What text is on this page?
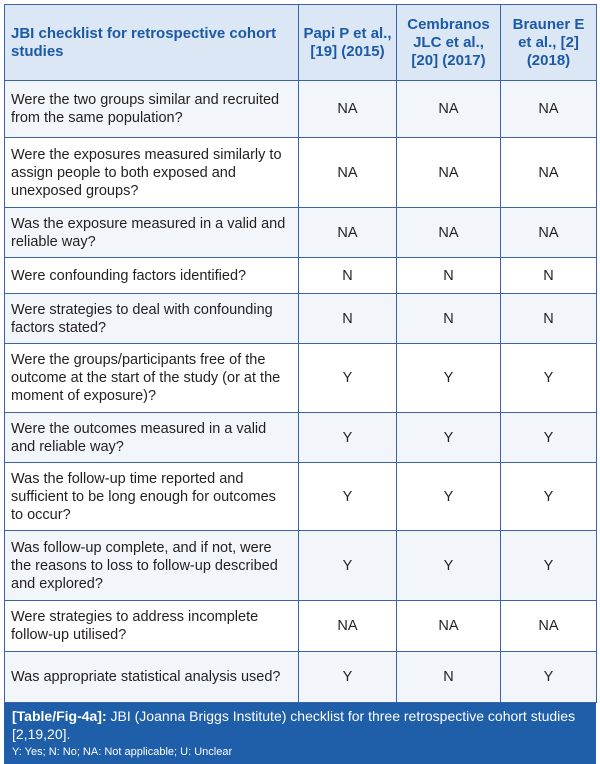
JBI checklist for retrospective cohort studies	Papi P et al., [19] (2015)	Cembranos JLC et al., [20] (2017)	Brauner E et al., [2] (2018)
Were the two groups similar and recruited from the same population?	NA	NA	NA
Were the exposures measured similarly to assign people to both exposed and unexposed groups?	NA	NA	NA
Was the exposure measured in a valid and reliable way?	NA	NA	NA
Were confounding factors identified?	N	N	N
Were strategies to deal with confounding factors stated?	N	N	N
Were the groups/participants free of the outcome at the start of the study (or at the moment of exposure)?	Y	Y	Y
Were the outcomes measured in a valid and reliable way?	Y	Y	Y
Was the follow-up time reported and sufficient to be long enough for outcomes to occur?	Y	Y	Y
Was follow-up complete, and if not, were the reasons to loss to follow-up described and explored?	Y	Y	Y
Were strategies to address incomplete follow-up utilised?	NA	NA	NA
Was appropriate statistical analysis used?	Y	N	Y
[Table/Fig-4a]: JBI (Joanna Briggs Institute) checklist for three retrospective cohort studies [2,19,20].
Y: Yes; N: No; NA: Not applicable; U: Unclear
